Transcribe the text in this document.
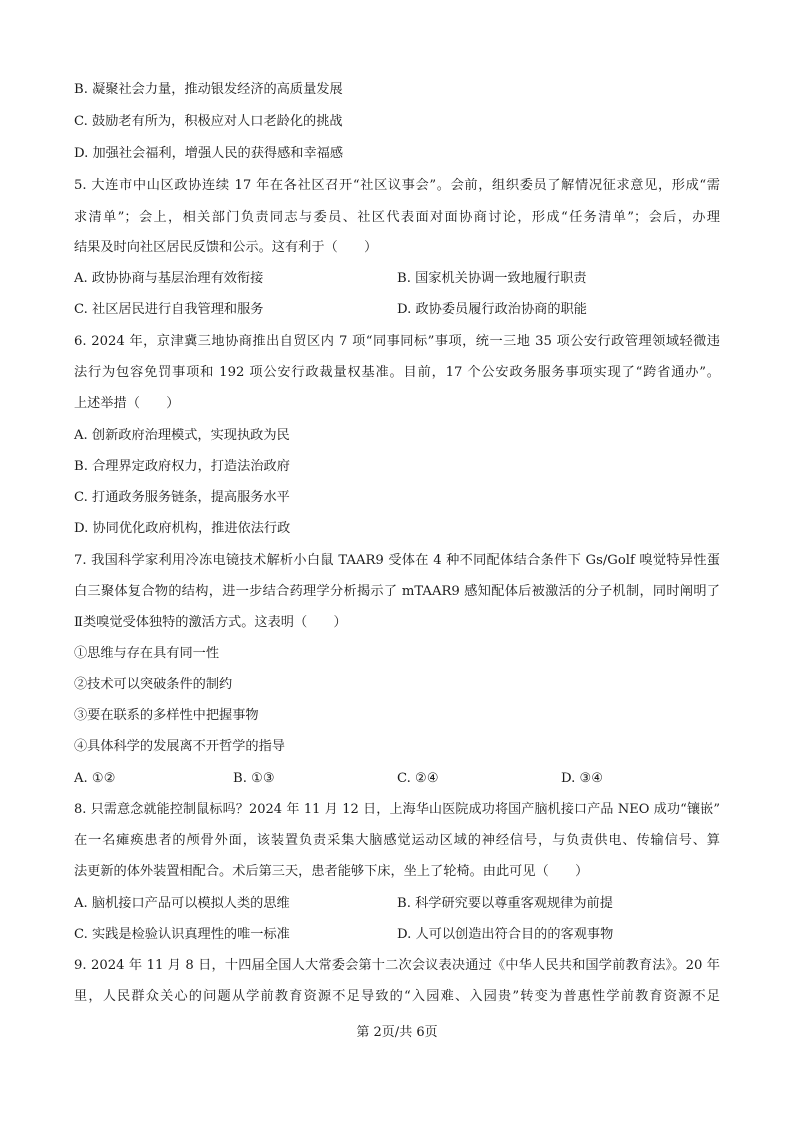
B. 凝聚社会力量，推动银发经济的高质量发展
C. 鼓励老有所为，积极应对人口老龄化的挑战
D. 加强社会福利，增强人民的获得感和幸福感
5. 大连市中山区政协连续 17 年在各社区召开“社区议事会”。会前，组织委员了解情况征求意见，形成“需
求清单”；会上，相关部门负责同志与委员、社区代表面对面协商讨论，形成“任务清单”；会后，办理
结果及时向社区居民反馈和公示。这有利于（　　）
A. 政协协商与基层治理有效衔接	B. 国家机关协调一致地履行职责
C. 社区居民进行自我管理和服务	D. 政协委员履行政治协商的职能
6. 2024 年，京津冀三地协商推出自贸区内 7 项“同事同标”事项，统一三地 35 项公安行政管理领域轻微违
法行为包容免罚事项和 192 项公安行政裁量权基准。目前，17 个公安政务服务事项实现了“跨省通办”。
上述举措（　　）
A. 创新政府治理模式，实现执政为民
B. 合理界定政府权力，打造法治政府
C. 打通政务服务链条，提高服务水平
D. 协同优化政府机构，推进依法行政
7. 我国科学家利用冷冻电镜技术解析小白鼠 TAAR9 受体在 4 种不同配体结合条件下 Gs/Golf 嗅觉特异性蛋
白三聚体复合物的结构，进一步结合药理学分析揭示了 mTAAR9 感知配体后被激活的分子机制，同时阐明了
Ⅱ类嗅觉受体独特的激活方式。这表明（　　）
①思维与存在具有同一性
②技术可以突破条件的制约
③要在联系的多样性中把握事物
④具体科学的发展离不开哲学的指导
A. ①②	B. ①③	C. ②④	D. ③④
8. 只需意念就能控制鼠标吗？2024 年 11 月 12 日，上海华山医院成功将国产脑机接口产品 NEO 成功“镶嵌”
在一名瘫痪患者的颅骨外面，该装置负责采集大脑感觉运动区域的神经信号，与负责供电、传输信号、算
法更新的体外装置相配合。术后第三天，患者能够下床，坐上了轮椅。由此可见（　　）
A. 脑机接口产品可以模拟人类的思维	B. 科学研究要以尊重客观规律为前提
C. 实践是检验认识真理性的唯一标准	D. 人可以创造出符合目的的客观事物
9. 2024 年 11 月 8 日，十四届全国人大常委会第十二次会议表决通过《中华人民共和国学前教育法》。20 年
里，人民群众关心的问题从学前教育资源不足导致的“入园难、入园贵”转变为普惠性学前教育资源不足
第 2页/共 6页
